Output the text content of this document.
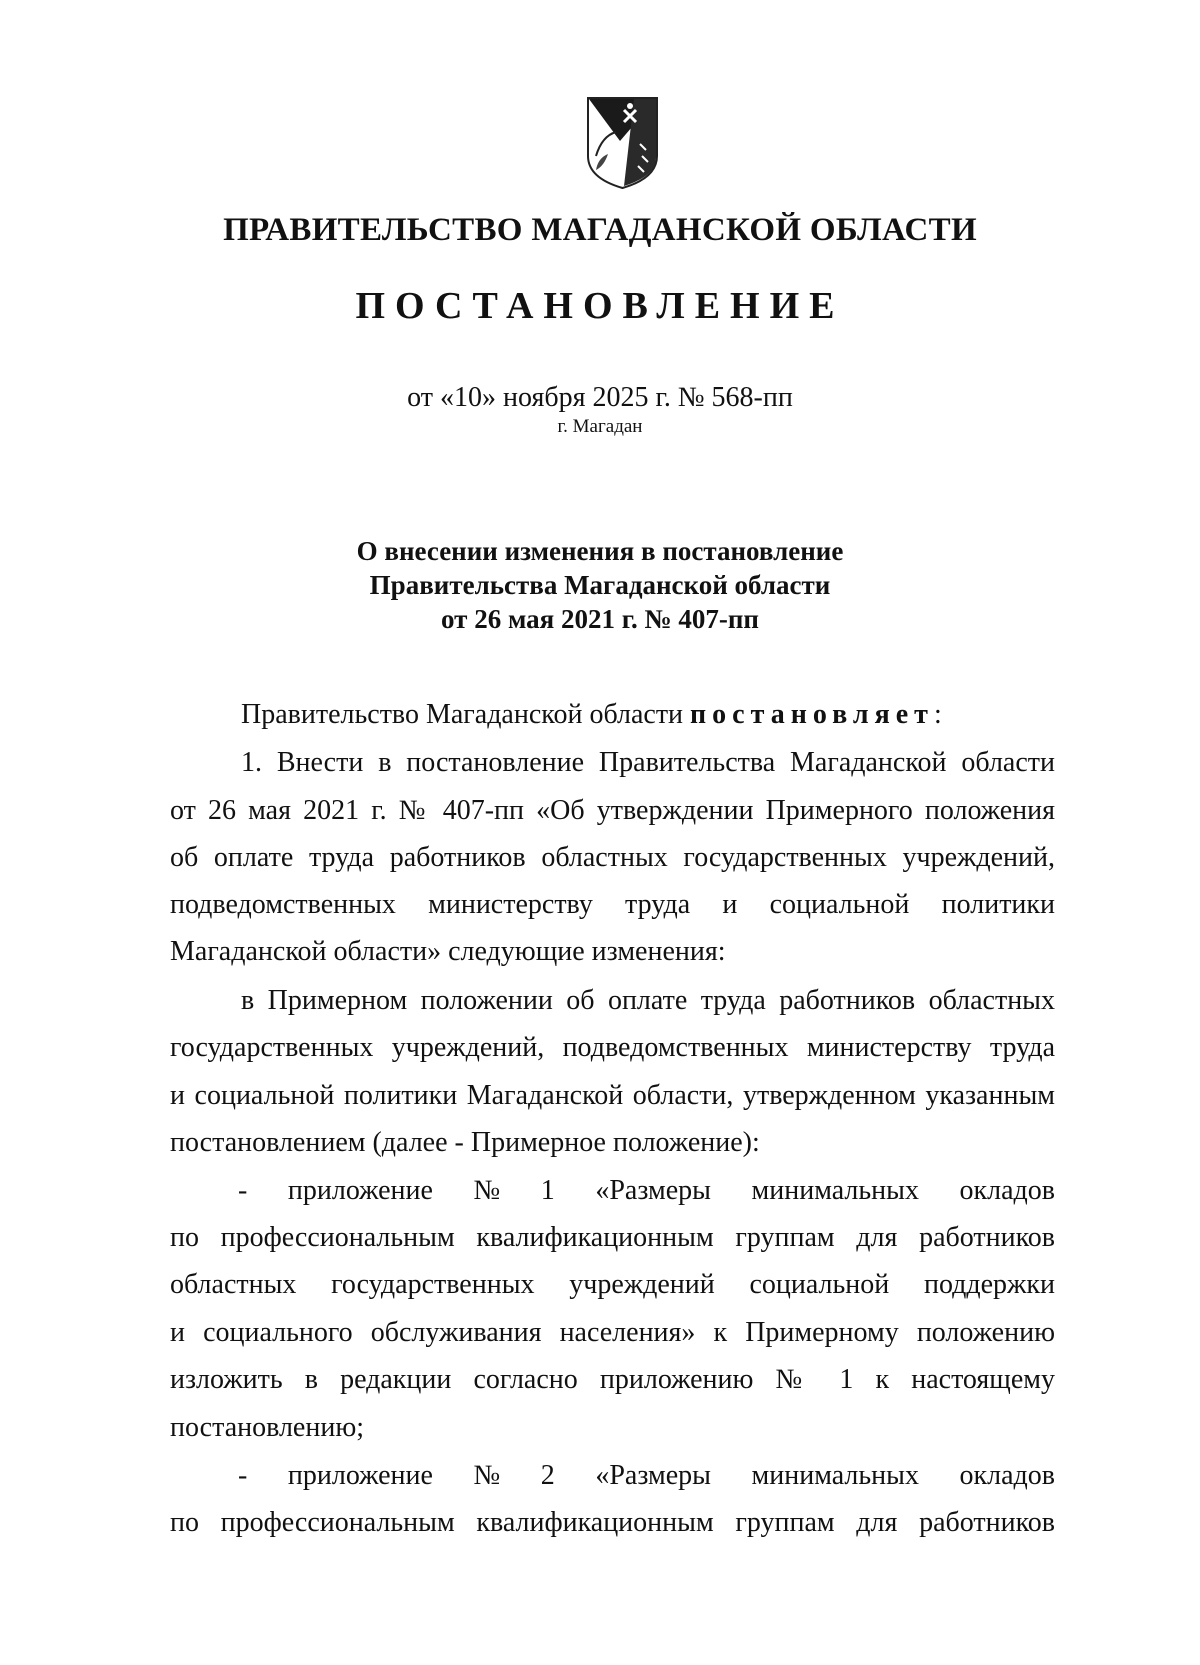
ПРАВИТЕЛЬСТВО МАГАДАНСКОЙ ОБЛАСТИ
ПОСТАНОВЛЕНИЕ
от «10» ноября 2025 г. № 568-пп
г. Магадан
О внесении изменения в постановление
Правительства Магаданской области
от 26 мая 2021 г. № 407-пп
Правительство Магаданской области постановляет:
1. Внести в постановление Правительства Магаданской области
от 26 мая 2021 г. № 407-пп «Об утверждении Примерного положения
об оплате труда работников областных государственных учреждений,
подведомственных министерству труда и социальной политики
Магаданской области» следующие изменения:
в Примерном положении об оплате труда работников областных
государственных учреждений, подведомственных министерству труда
и социальной политики Магаданской области, утвержденном указанным
постановлением (далее - Примерное положение):
- приложение № 1 «Размеры минимальных окладов
по профессиональным квалификационным группам для работников
областных государственных учреждений социальной поддержки
и социального обслуживания населения» к Примерному положению
изложить в редакции согласно приложению № 1 к настоящему
постановлению;
- приложение № 2 «Размеры минимальных окладов
по профессиональным квалификационным группам для работников
